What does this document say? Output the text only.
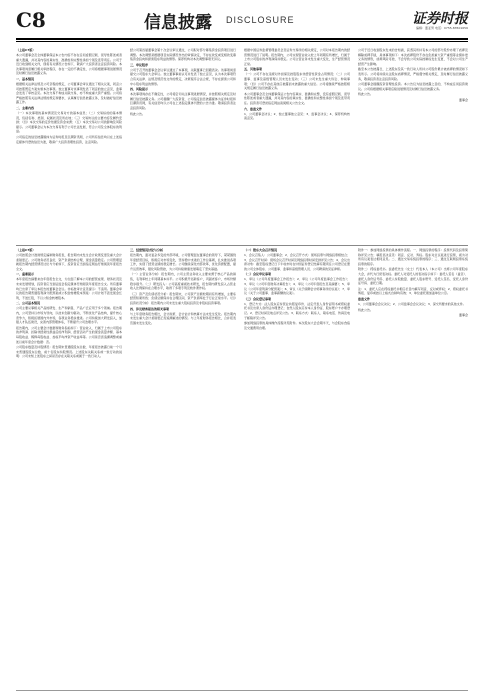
C8	信息披露 DISCLOSURE	证券时报
编辑：董亚男 电话：0755-83501656

（上接C7版）

本公司董事会及全体董事保证本公告内容不存在任何虚假记载、误导性陈述或者重大遗漏，并对其内容的真实性、准确性和完整性承担个别及连带责任。公司于近日收到相关文件，现将有关情况公告如下，敬请广大投资者注意投资风险。本次事项尚需履行相关审批程序，存在一定的不确定性，公司将根据事项进展情况及时履行信息披露义务。

一、基本情况

根据相关法律法规及公司章程的规定，公司董事会审议通过了相关议案，同意公司按照既定方案实施本次事项。独立董事对该事项发表了同意的独立意见，监事会发表了审核意见。本次交易不构成关联交易，亦不构成重大资产重组。公司将严格按照有关法律法规的规定和要求，认真履行信息披露义务，及时做好信息披露工作。

二、主要内容

（一）本次事项的基本情况及交易对方的基本信息；（二）交易标的的基本情况，包括名称、类别、权属状况及所在地；（三）交易协议的主要内容及履约安排；（四）本次交易的定价依据及资金来源；（五）本次交易对公司的影响及风险提示。公司董事会认为本次交易有利于公司长远发展，符合公司及全体股东的利益。

公司指定的信息披露媒体为证券时报及巨潮资讯网，公司所有信息均以在上述指定媒体刊登的信息为准，敬请广大投资者理性投资，注意风险。

经公司第四届董事会第十次会议审议通过，公司拟对部分募集资金投资项目进行调整。本次调整是根据项目实际情况作出的审慎决定，不存在改变或变相改变募集资金投向和损害股东利益的情形。保荐机构对本次调整事项无异议。

三、审议程序

公司于召开的董事会会议审议通过了本事项，关联董事已回避表决。该事项尚需提交公司股东大会审议。独立董事事前认可并发表了独立意见，认为本次事项符合有关法律、法规及规范性文件的规定，决策程序合法合规，不存在损害公司和中小股东利益的情形。

四、风险提示

本次事项尚存在不确定性，公司将密切关注事项进展情况，并按照相关规定及时履行信息披露义务。公司提醒广大投资者，公司指定信息披露媒体为证券时报和巨潮资讯网，有关信息均以公司在上述指定媒体刊登的公告为准。敬请投资者注意投资风险。

特此公告。

根据中国证券监督管理委员会及证券交易所的相关规定，公司对本报告期内的经营情况进行了说明。报告期内，公司实现营业收入较上年同期有所增长，归属于上市公司股东的净利润保持稳定。公司主营业务未发生重大变化，生产经营情况正常。

五、其他事项

（一）公司不存在违规对外担保及控股股东非经营性资金占用情况；（二）公司董事、监事及高级管理人员未发生变动；（三）公司未发生重大诉讼、仲裁事项；（四）公司不存在其他应披露而未披露的重大信息。公司将继续严格按照相关规定履行信息披露义务。

本公司董事会及全体董事保证公告内容真实、准确和完整，没有虚假记载、误导性陈述或者重大遗漏，并对其内容的真实性、准确性和完整性承担个别及连带责任。投资者可登录指定网站查阅相关公告全文。

六、备查文件

1、公司董事会决议；2、独立董事独立意见；3、监事会决议；4、保荐机构核查意见。

公司于近日收到股东发来的告知函，获悉其所持有本公司的部分股份办理了质押及解除质押手续，具体事项如下：本次质押股份不存在负担重大资产重组等业绩补偿义务的情形，质押风险可控，不会导致公司实际控制权发生变更，不会对公司生产经营产生影响。

截至本公告披露日，上述股东及其一致行动人所持公司股份累计被质押的情况如下表所示。公司将持续关注股东质押情况，严格遵守相关规定，及时履行信息披露义务，敬请投资者注意投资风险。

公司董事会提醒投资者理性投资。本公告仅为信息披露之目的，不构成任何投资建议。公司将根据相关事项后续进展情况及时履行信息披露义务。

特此公告。

董事会

（上接C7版）

公司按照会计准则规定编制财务报表，报告期内未发生会计政策变更及重大会计差错更正。公司财务状况良好，资产负债结构合理，现金流量稳定。公司管理层就报告期内经营情况讨论与分析如下，投资者应当到指定网站仔细阅读年度报告全文。

一、重要提示

本年度报告摘要来自年度报告全文，为全面了解本公司的经营成果、财务状况及未来发展规划，投资者应当到证监会指定媒体仔细阅读年度报告全文。所有董事均已出席了审议本报告的董事会会议。非标准审计意见提示：不适用。董事会审议的报告期普通股利润分配预案或公积金转增股本预案：公司计划不派发现金红利，不送红股，不以公积金转增股本。

二、公司基本情况

公司主要从事相关产品的研发、生产和销售，产品广泛应用于多个领域。报告期内，公司坚持以市场为导向，以技术创新为驱动，不断优化产品结构，提升核心竞争力，积极拓展国内外市场，各项业务稳步推进。公司持续加大研发投入，加强人才队伍建设，完善内部管理体系，不断提升公司治理水平。

报告期内，公司主要会计数据和财务指标如下：营业收入、归属于上市公司股东的净利润、扣除非经常性损益后的净利润、经营活动产生的现金流量净额、基本每股收益、稀释每股收益、加权平均净资产收益率等。公司是否需追溯调整或重述以前年度会计数据：否。

公司股东数量及持股情况：报告期末普通股股东总数、年度报告披露日前一个月末普通股股东总数、前十名股东持股情况。上述股东关联关系或一致行动的说明：公司未知上述股东之间是否存在关联关系或属于一致行动人。

三、经营情况讨论与分析

报告期内，面对复杂多变的外部环境，公司管理层在董事会的领导下，紧紧围绕年度经营目标，积极应对市场变化，坚持稳中求进的工作总基调，扎实推进各项工作，实现了经营业绩的稳定增长。公司继续深化内部改革，优化资源配置，提升运营效率，强化风险管控，为公司持续健康发展奠定了坚实基础。

（一）主营业务分析：报告期内，公司主营业务收入主要来源于核心产品的销售，毛利率较上年同期基本持平。公司积极开拓新客户，巩固老客户，市场份额稳步提升。（二）研发投入：公司高度重视技术研发，报告期内研发投入占营业收入比例保持在合理水平，取得了多项专利及软件著作权。

（三）资产及负债状况分析：报告期末，公司资产总额较期初有所增加，主要系经营积累所致；负债总额保持在合理区间，资产负债率处于行业正常水平。（四）投资状况分析：报告期内公司未发生重大股权投资及非股权投资事项。

四、涉及财务报告的相关事项

与上年度财务报告相比，会计政策、会计估计和核算方法未发生变化。报告期内未发生重大会计差错更正需追溯重述的情况。与上年度财务报告相比，合并报表范围未发生变化。

（一）股东大会召开情况

1、会议召集人：公司董事会；2、会议召开方式：现场投票与网络投票相结合；3、会议召开时间：现场会议召开时间及网络投票时间安排详见公告；4、会议出席对象：截至股权登记日下午收市时在中国证券登记结算有限责任公司登记在册的公司全体股东、公司董事、监事和高级管理人员、公司聘请的见证律师。

（二）会议审议事项

1、审议《公司年度董事会工作报告》；2、审议《公司年度监事会工作报告》；3、审议《公司年度财务决算报告》；4、审议《公司年度报告及其摘要》；5、审议《公司年度利润分配预案》；6、审议《关于续聘会计师事务所的议案》；7、审议《关于公司董事、监事薪酬的议案》。

（三）会议登记事项

1、登记方式：法人股东应持营业执照复印件、法定代表人身份证明书或授权委托书及出席人身份证办理登记；自然人股东应持本人身份证、股东账户卡办理登记。2、登记时间及地点详见公告。3、联系方式：联系人、联系电话、传真及电子邮箱详见公告。

参加网络投票的具体操作流程详见附件。本次股东大会会期半天，与会股东食宿及交通费用自理。

附件一：参加网络投票的具体操作流程。一、网络投票的程序：投票代码及投票简称详见公告；填报表决意见：同意、反对、弃权。股东对总议案进行投票，视为对所有议案表达相同意见。二、通过交易系统投票的程序；三、通过互联网投票系统投票的程序。

附件二：授权委托书。兹委托先生（女士）代表本人（本公司）出席公司年度股东大会，并代为行使表决权。委托人对受托人的表决指示如下：委托人签名（盖章）、委托人身份证号码、委托人持股数量、委托人股东账号、受托人签名、受托人身份证号码、委托日期。

注：1、委托人应在授权委托书相应栏目内填写同意、反对或弃权；2、授权委托书剪报、复印或按以上格式自制均有效；3、单位委托须加盖单位公章。

备查文件

1、公司董事会会议决议；2、公司监事会会议决议；3、深交所要求的其他文件。

特此公告。

董事会
